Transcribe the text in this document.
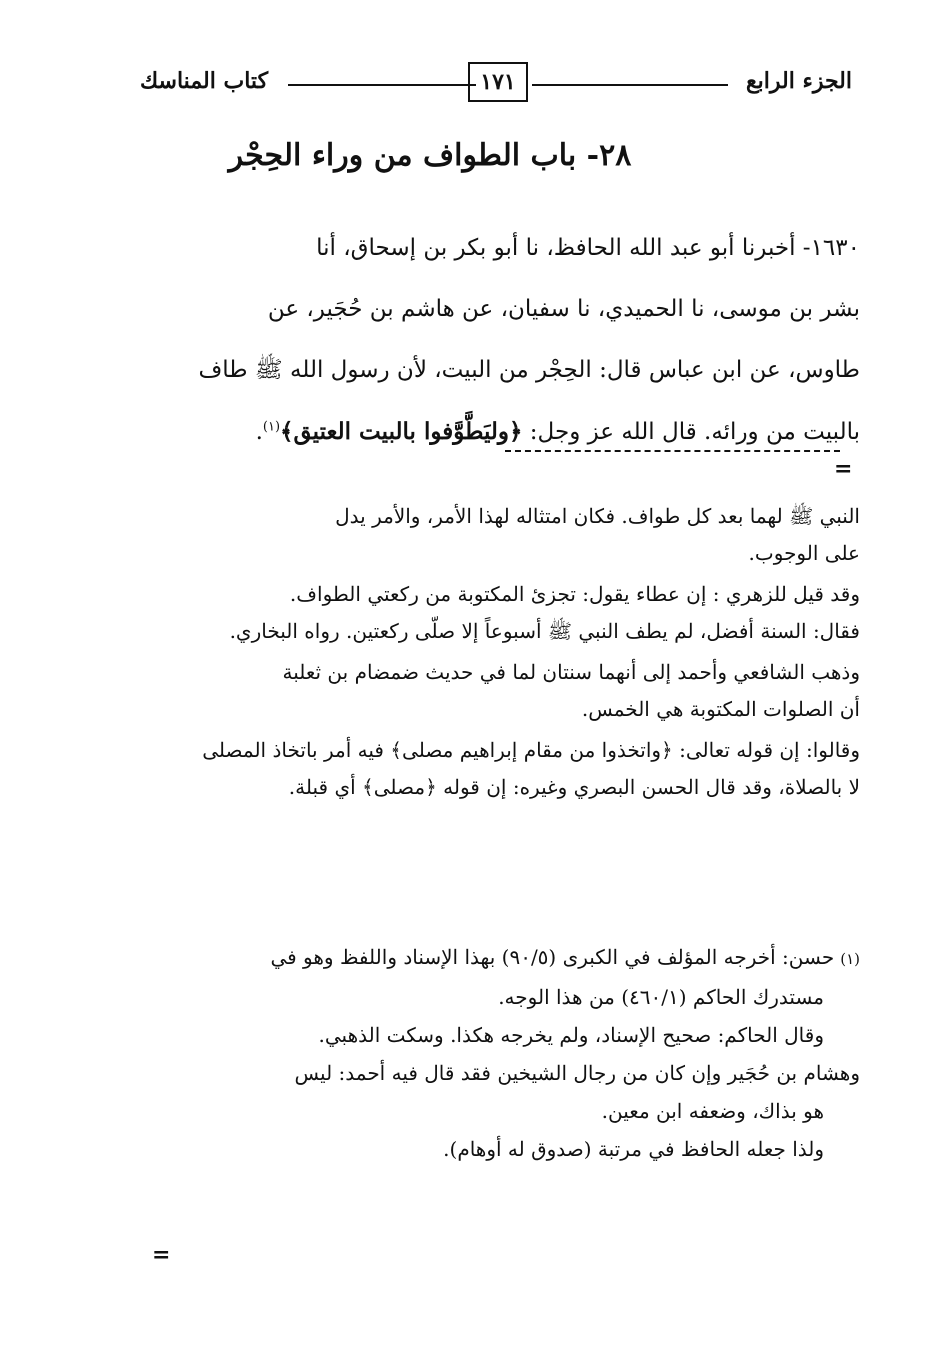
الجزء الرابع
١٧١
كتاب المناسك
٢٨- باب الطواف من وراء الحِجْر

١٦٣٠- أخبرنا أبو عبد الله الحافظ، نا أبو بكر بن إسحاق، أنا

بشر بن موسى، نا الحميدي، نا سفيان، عن هاشم بن حُجَير، عن

طاوس، عن ابن عباس قال: الحِجْر من البيت، لأن رسول الله ﷺ طاف

بالبيت من ورائه. قال الله عز وجل: ﴿وليَطَّوَّفوا بالبيت العتيق﴾$^{(١)}$.

=

النبي ﷺ لهما بعد كل طواف. فكان امتثاله لهذا الأمر، والأمر يدل

على الوجوب.

وقد قيل للزهري : إن عطاء يقول: تجزئ المكتوبة من ركعتي الطواف.

فقال: السنة أفضل، لم يطف النبي ﷺ أسبوعاً إلا صلّى ركعتين. رواه البخاري.

وذهب الشافعي وأحمد إلى أنهما سنتان لما في حديث ضمضام بن ثعلبة

أن الصلوات المكتوبة هي الخمس.

وقالوا: إن قوله تعالى: ﴿واتخذوا من مقام إبراهيم مصلى﴾ فيه أمر باتخاذ المصلى

لا بالصلاة، وقد قال الحسن البصري وغيره: إن قوله ﴿مصلى﴾ أي قبلة.

(١)حسن: أخرجه المؤلف في الكبرى (٩٠/٥) بهذا الإسناد واللفظ وهو في

مستدرك الحاكم (٤٦٠/١) من هذا الوجه.

وقال الحاكم: صحيح الإسناد، ولم يخرجه هكذا. وسكت الذهبي.

وهشام بن حُجَير وإن كان من رجال الشيخين فقد قال فيه أحمد: ليس

هو بذاك، وضعفه ابن معين.

ولذا جعله الحافظ في مرتبة (صدوق له أوهام).

=
